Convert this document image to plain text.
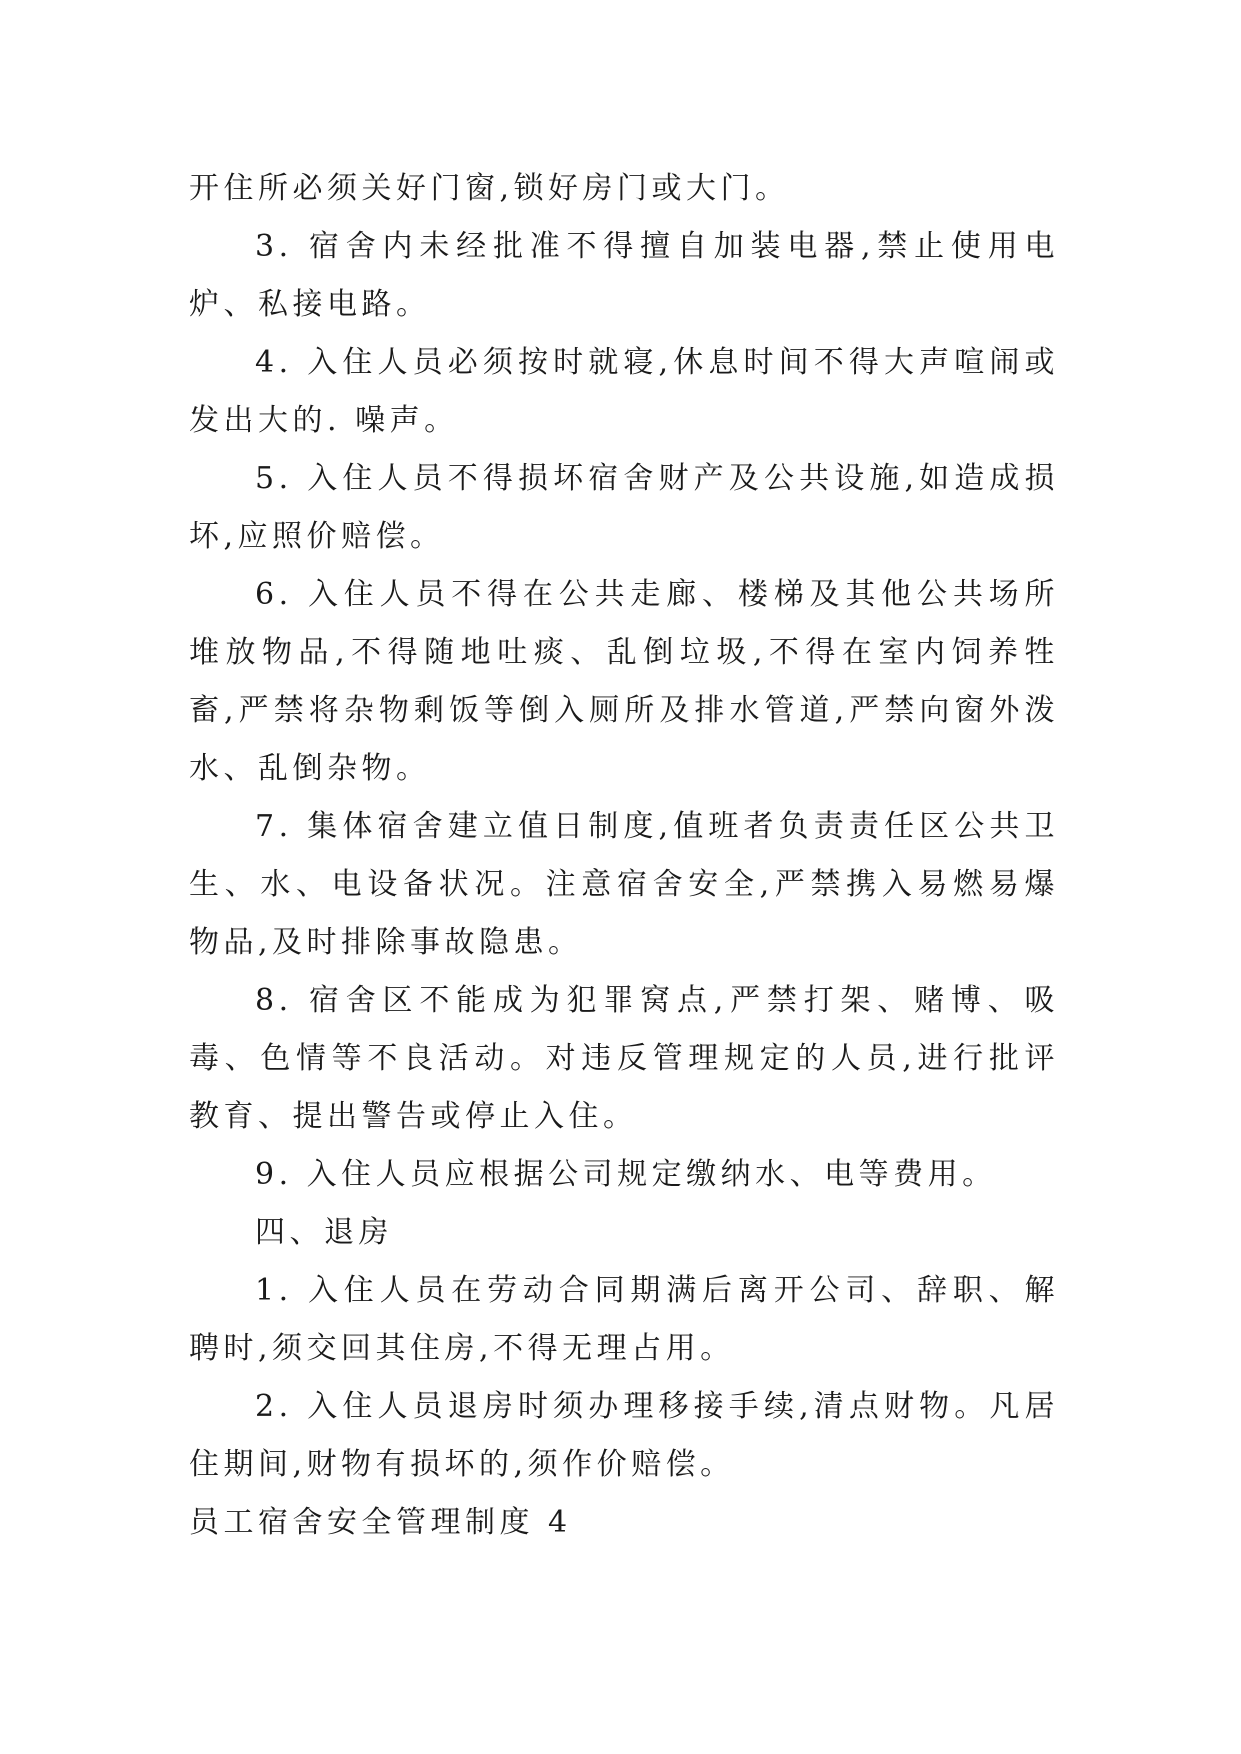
开住所必须关好门窗,锁好房门或大门。

3. 宿舍内未经批准不得擅自加装电器,禁止使用电炉、私接电路。

4. 入住人员必须按时就寝,休息时间不得大声喧闹或发出大的. 噪声。

5. 入住人员不得损坏宿舍财产及公共设施,如造成损坏,应照价赔偿。

6. 入住人员不得在公共走廊、楼梯及其他公共场所堆放物品,不得随地吐痰、乱倒垃圾,不得在室内饲养牲畜,严禁将杂物剩饭等倒入厕所及排水管道,严禁向窗外泼水、乱倒杂物。

7. 集体宿舍建立值日制度,值班者负责责任区公共卫生、水、电设备状况。注意宿舍安全,严禁携入易燃易爆物品,及时排除事故隐患。

8. 宿舍区不能成为犯罪窝点,严禁打架、赌博、吸毒、色情等不良活动。对违反管理规定的人员,进行批评教育、提出警告或停止入住。

9. 入住人员应根据公司规定缴纳水、电等费用。

四、退房

1. 入住人员在劳动合同期满后离开公司、辞职、解聘时,须交回其住房,不得无理占用。

2. 入住人员退房时须办理移接手续,清点财物。凡居住期间,财物有损坏的,须作价赔偿。

员工宿舍安全管理制度 4
